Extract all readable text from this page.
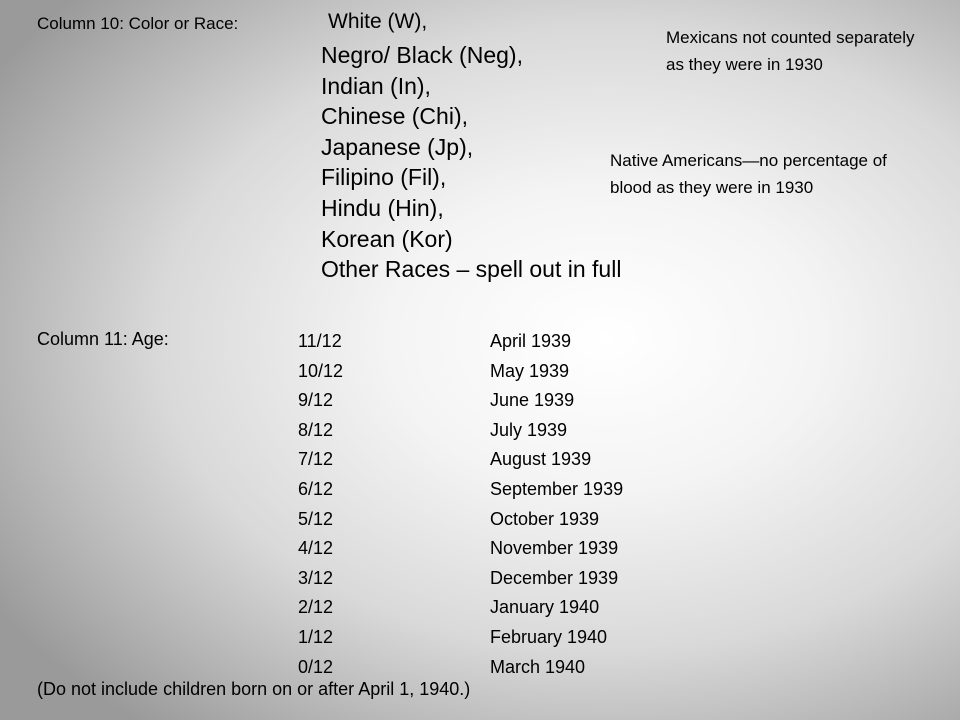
Column 10: Color or Race:	White (W),
Negro/ Black (Neg),
Indian (In),
Chinese (Chi),
Japanese (Jp),
Filipino (Fil),
Hindu (Hin),
Korean (Kor)
Other Races – spell out in full
Mexicans not counted separately as they were in 1930
Native Americans—no percentage of blood as they were in 1930
Column 11: Age:	11/12	April 1939
10/12	May 1939
9/12	June 1939
8/12	July 1939
7/12	August 1939
6/12	September 1939
5/12	October 1939
4/12	November 1939
3/12	December 1939
2/12	January 1940
1/12	February 1940
0/12	March 1940
(Do not include children born on or after April 1, 1940.)
